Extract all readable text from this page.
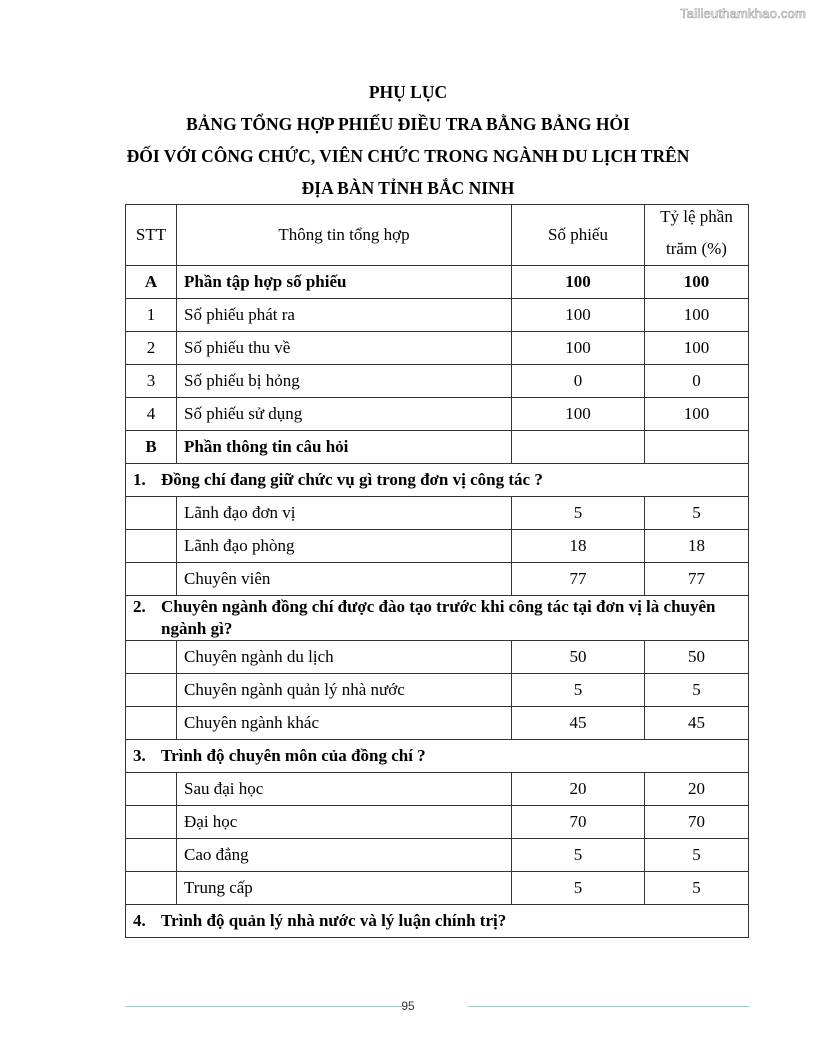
Tailieuthamkhao.com
PHỤ LỤC
BẢNG TỔNG HỢP PHIẾU ĐIỀU TRA BẰNG BẢNG HỎI
ĐỐI VỚI CÔNG CHỨC, VIÊN CHỨC TRONG NGÀNH DU LỊCH TRÊN
ĐỊA BÀN TỈNH BẮC NINH
STT	Thông tin tổng hợp	Số phiếu	Tỷ lệ phần
trăm (%)

A	Phần tập hợp số phiếu	100	100
1	Số phiếu phát ra	100	100
2	Số phiếu thu về	100	100
3	Số phiếu bị hỏng	0	0
4	Số phiếu sử dụng	100	100
B	Phần thông tin câu hỏi		
1. Đồng chí đang giữ chức vụ gì trong đơn vị công tác ?			
	Lãnh đạo đơn vị	5	5
	Lãnh đạo phòng	18	18
	Chuyên viên	77	77
2. Chuyên ngành đồng chí được đào tạo trước khi công tác tại đơn vị là chuyên ngành gì?			
	Chuyên ngành du lịch	50	50
	Chuyên ngành quản lý nhà nước	5	5
	Chuyên ngành khác	45	45
3. Trình độ chuyên môn của đồng chí ?			
	Sau đại học	20	20
	Đại học	70	70
	Cao đẳng	5	5
	Trung cấp	5	5
4. Trình độ quản lý nhà nước và lý luận chính trị?			
95
